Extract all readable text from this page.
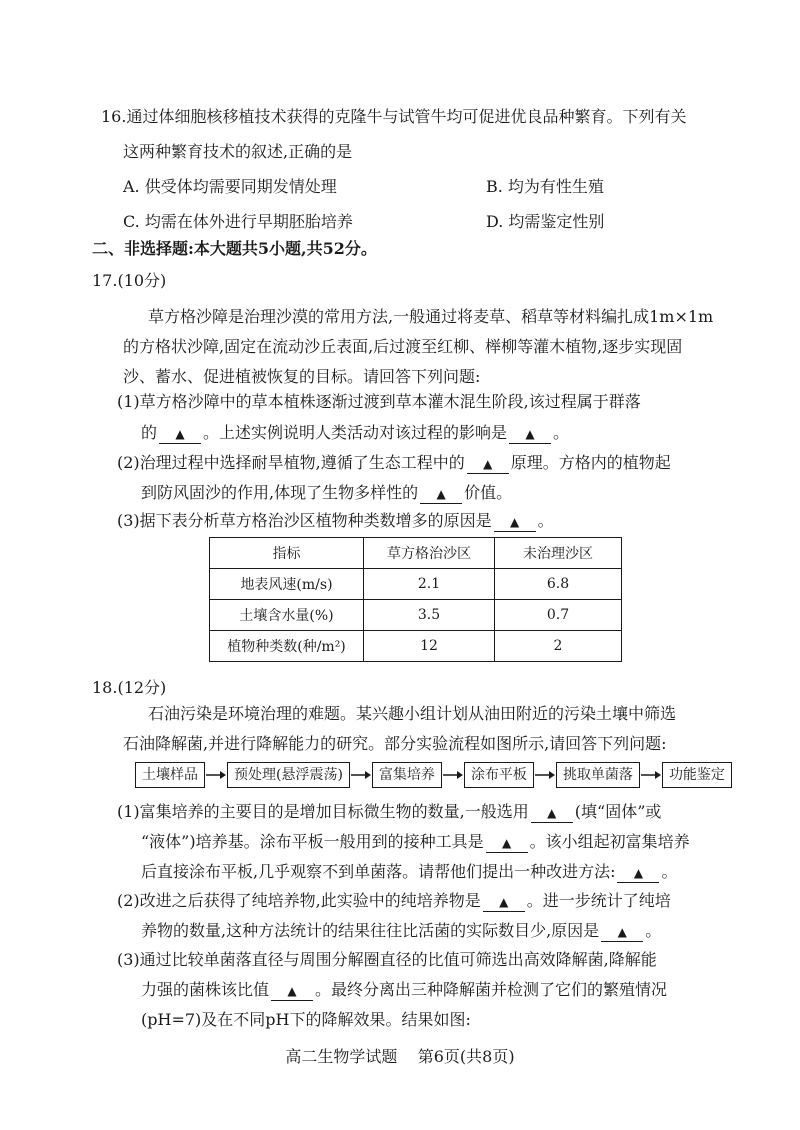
16.通过体细胞核移植技术获得的克隆牛与试管牛均可促进优良品种繁育。下列有关
这两种繁育技术的叙述,正确的是
A. 供受体均需要同期发情处理	B. 均为有性生殖
C. 均需在体外进行早期胚胎培养	D. 均需鉴定性别
二、非选择题:本大题共5小题,共52分。
17.(10分)
草方格沙障是治理沙漠的常用方法,一般通过将麦草、稻草等材料编扎成1m×1m
的方格状沙障,固定在流动沙丘表面,后过渡至红柳、榉柳等灌木植物,逐步实现固
沙、蓄水、促进植被恢复的目标。请回答下列问题:
(1)草方格沙障中的草本植株逐渐过渡到草本灌木混生阶段,该过程属于群落
的 ▲ 。上述实例说明人类活动对该过程的影响是 ▲ 。
(2)治理过程中选择耐旱植物,遵循了生态工程中的 ▲ 原理。方格内的植物起
到防风固沙的作用,体现了生物多样性的 ▲ 价值。
(3)据下表分析草方格治沙区植物种类数增多的原因是 ▲ 。
指标	草方格治沙区	未治理沙区
地表风速(m/s)	2.1	6.8
土壤含水量(%)	3.5	0.7
植物种类数(种/m²)	12	2
18.(12分)
石油污染是环境治理的难题。某兴趣小组计划从油田附近的污染土壤中筛选
石油降解菌,并进行降解能力的研究。部分实验流程如图所示,请回答下列问题:
土壤样品	预处理(悬浮震荡)	富集培养	涂布平板	挑取单菌落	功能鉴定
(1)富集培养的主要目的是增加目标微生物的数量,一般选用 ▲ (填“固体”或
“液体”)培养基。涂布平板一般用到的接种工具是 ▲ 。该小组起初富集培养
后直接涂布平板,几乎观察不到单菌落。请帮他们提出一种改进方法: ▲ 。
(2)改进之后获得了纯培养物,此实验中的纯培养物是 ▲ 。进一步统计了纯培
养物的数量,这种方法统计的结果往往比活菌的实际数目少,原因是 ▲ 。
(3)通过比较单菌落直径与周围分解圈直径的比值可筛选出高效降解菌,降解能
力强的菌株该比值 ▲ 。最终分离出三种降解菌并检测了它们的繁殖情况
(pH=7)及在不同pH下的降解效果。结果如图:
高二生物学试题    第6页(共8页)
